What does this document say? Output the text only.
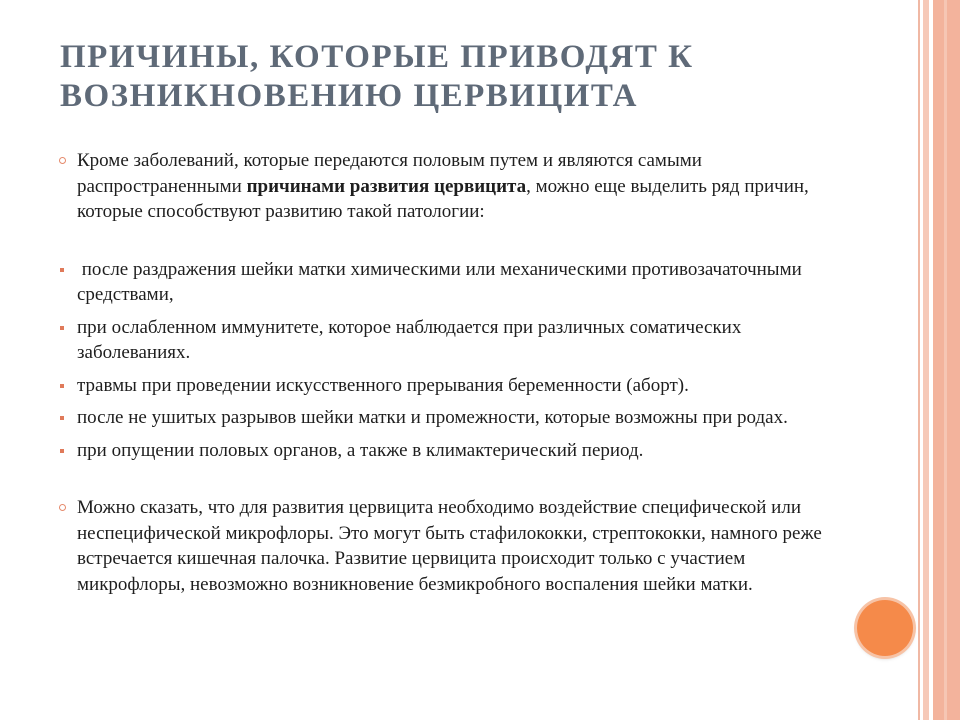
ПРИЧИНЫ, КОТОРЫЕ ПРИВОДЯТ К ВОЗНИКНОВЕНИЮ ЦЕРВИЦИТА

Кроме заболеваний, которые передаются половым путем и являются самыми распространенными причинами развития цервицита, можно еще выделить ряд причин, которые способствуют развитию такой патологии:

после раздражения шейки матки химическими или механическими противозачаточными средствами,

при ослабленном иммунитете, которое наблюдается при различных соматических заболеваниях.

травмы при проведении искусственного прерывания беременности (аборт).

после не ушитых разрывов шейки матки и промежности, которые возможны при родах.

при опущении половых органов, а также в климактерический период.

Можно сказать, что для развития цервицита необходимо воздействие специфической или неспецифической микрофлоры. Это могут быть стафилококки, стрептококки, намного реже встречается кишечная палочка. Развитие цервицита происходит только с участием микрофлоры, невозможно возникновение безмикробного воспаления шейки матки.
